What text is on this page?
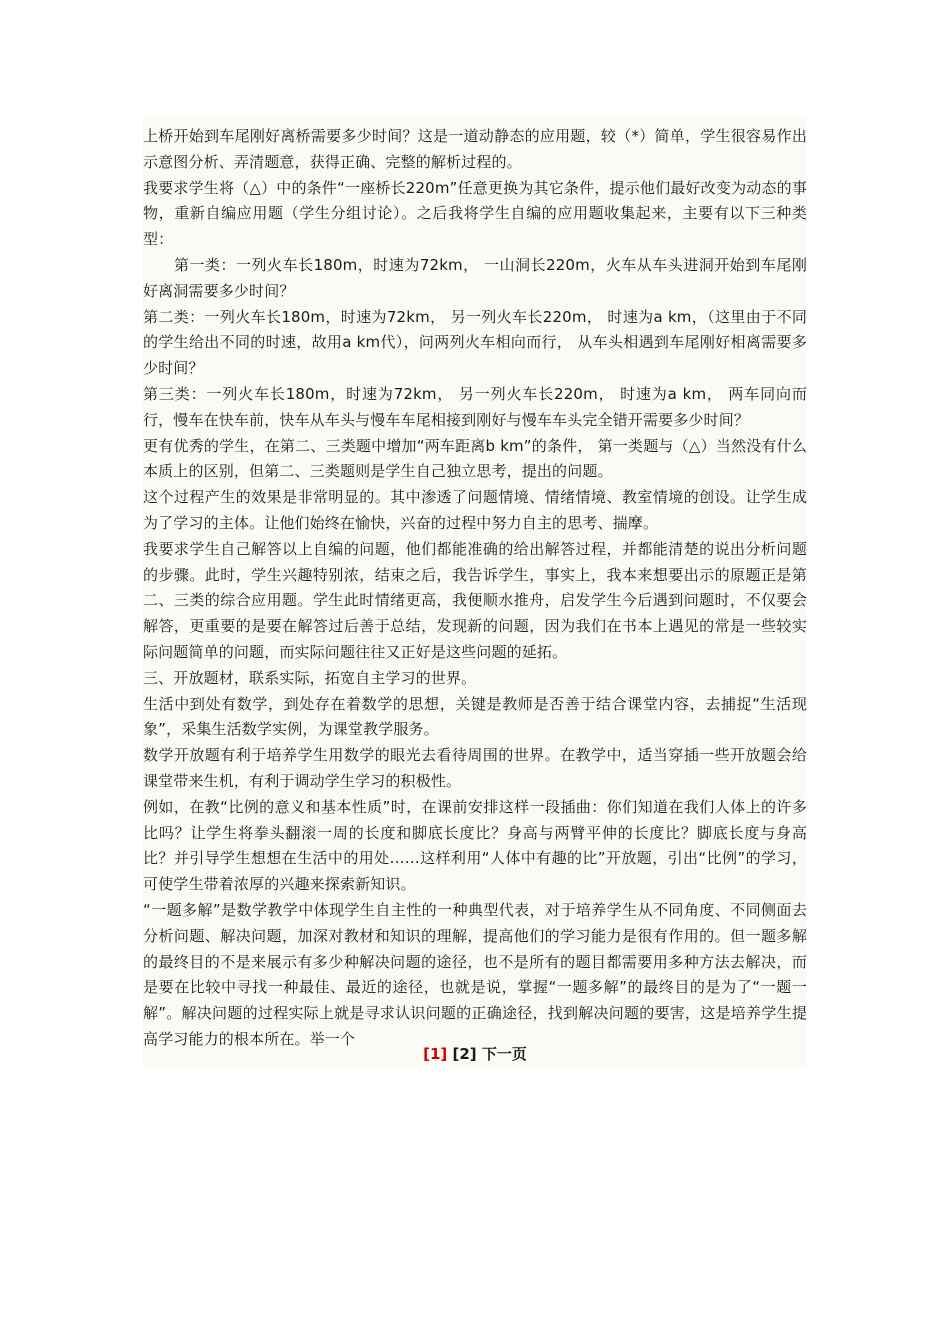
上桥开始到车尾刚好离桥需要多少时间？这是一道动静态的应用题，较（*）简单，学生很容易作出示意图分析、弄清题意，获得正确、完整的解析过程的。

我要求学生将（△）中的条件“一座桥长220m”任意更换为其它条件，提示他们最好改变为动态的事物，重新自编应用题（学生分组讨论）。之后我将学生自编的应用题收集起来，主要有以下三种类型：

第一类：一列火车长180m，时速为72km， 一山洞长220m，火车从车头进洞开始到车尾刚好离洞需要多少时间？

第二类：一列火车长180m，时速为72km， 另一列火车长220m， 时速为a km，（这里由于不同的学生给出不同的时速，故用a km代），问两列火车相向而行， 从车头相遇到车尾刚好相离需要多少时间？

第三类：一列火车长180m，时速为72km， 另一列火车长220m， 时速为a km， 两车同向而行，慢车在快车前，快车从车头与慢车车尾相接到刚好与慢车车头完全错开需要多少时间？

更有优秀的学生，在第二、三类题中增加“两车距离b km”的条件， 第一类题与（△）当然没有什么本质上的区别，但第二、三类题则是学生自己独立思考，提出的问题。

这个过程产生的效果是非常明显的。其中渗透了问题情境、情绪情境、教室情境的创设。让学生成为了学习的主体。让他们始终在愉快，兴奋的过程中努力自主的思考、揣摩。

我要求学生自己解答以上自编的问题，他们都能准确的给出解答过程，并都能清楚的说出分析问题的步骤。此时，学生兴趣特别浓，结束之后，我告诉学生，事实上，我本来想要出示的原题正是第二、三类的综合应用题。学生此时情绪更高，我便顺水推舟，启发学生今后遇到问题时，不仅要会解答，更重要的是要在解答过后善于总结，发现新的问题，因为我们在书本上遇见的常是一些较实际问题简单的问题，而实际问题往往又正好是这些问题的延拓。

三、开放题材，联系实际，拓宽自主学习的世界。

生活中到处有数学，到处存在着数学的思想，关键是教师是否善于结合课堂内容，去捕捉“生活现象”，采集生活数学实例，为课堂教学服务。

数学开放题有利于培养学生用数学的眼光去看待周围的世界。在教学中，适当穿插一些开放题会给课堂带来生机，有利于调动学生学习的积极性。

例如，在教“比例的意义和基本性质”时，在课前安排这样一段插曲：你们知道在我们人体上的许多比吗？让学生将拳头翻滚一周的长度和脚底长度比？身高与两臂平伸的长度比？脚底长度与身高比？并引导学生想想在生活中的用处……这样利用“人体中有趣的比”开放题，引出“比例”的学习，可使学生带着浓厚的兴趣来探索新知识。

“一题多解”是数学教学中体现学生自主性的一种典型代表，对于培养学生从不同角度、不同侧面去分析问题、解决问题，加深对教材和知识的理解，提高他们的学习能力是很有作用的。但一题多解的最终目的不是来展示有多少种解决问题的途径，也不是所有的题目都需要用多种方法去解决，而是要在比较中寻找一种最佳、最近的途径，也就是说，掌握“一题多解”的最终目的是为了“一题一解”。解决问题的过程实际上就是寻求认识问题的正确途径，找到解决问题的要害，这是培养学生提高学习能力的根本所在。举一个

[1] [2] 下一页
